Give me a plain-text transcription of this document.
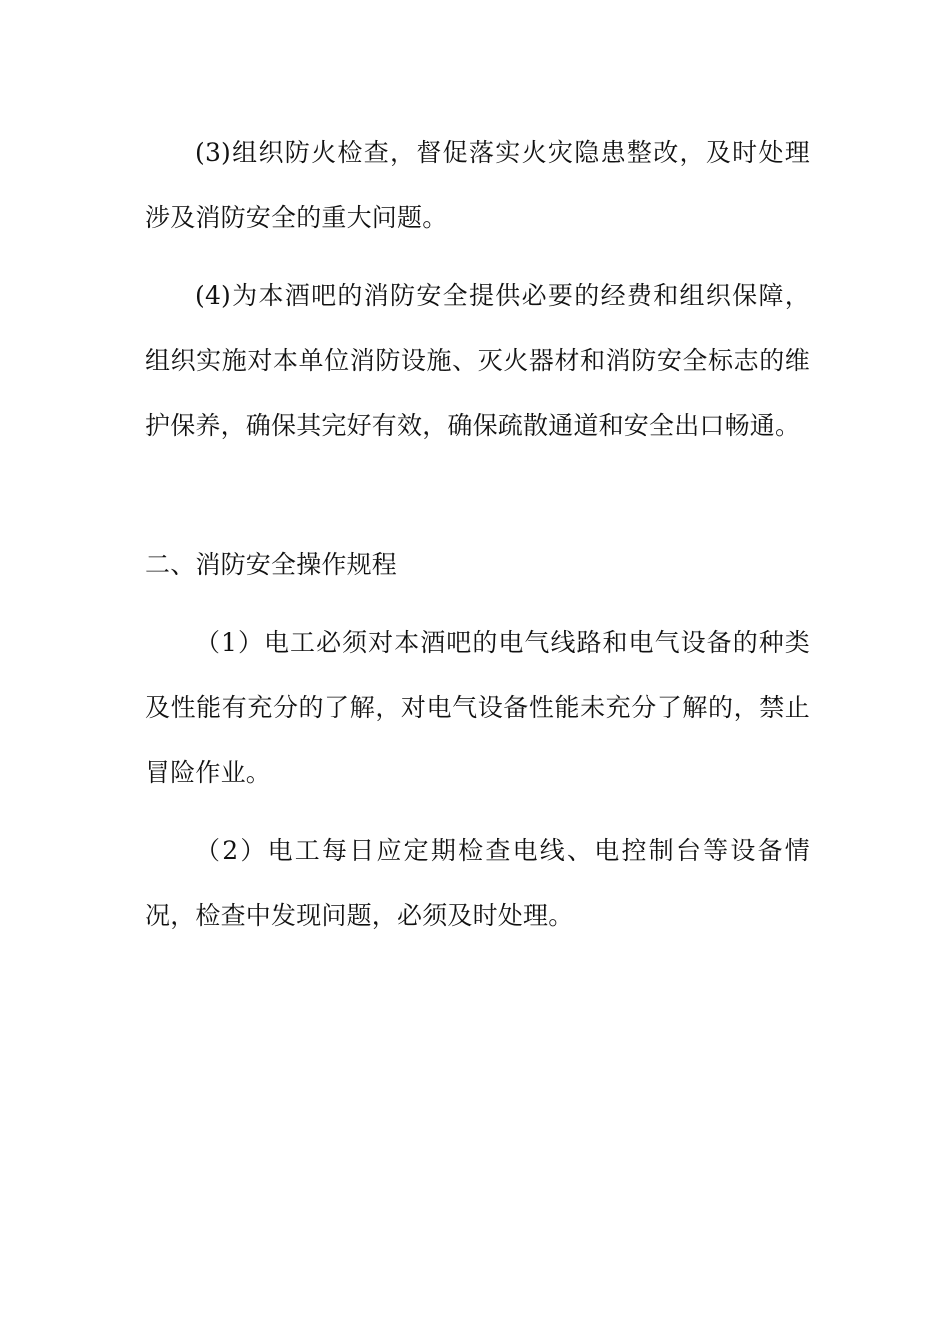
(3)组织防火检查，督促落实火灾隐患整改，及时处理涉及消防安全的重大问题。

(4)为本酒吧的消防安全提供必要的经费和组织保障，组织实施对本单位消防设施、灭火器材和消防安全标志的维护保养，确保其完好有效，确保疏散通道和安全出口畅通。

二、消防安全操作规程

（1）电工必须对本酒吧的电气线路和电气设备的种类及性能有充分的了解，对电气设备性能未充分了解的，禁止冒险作业。

（2）电工每日应定期检查电线、电控制台等设备情况，检查中发现问题，必须及时处理。
